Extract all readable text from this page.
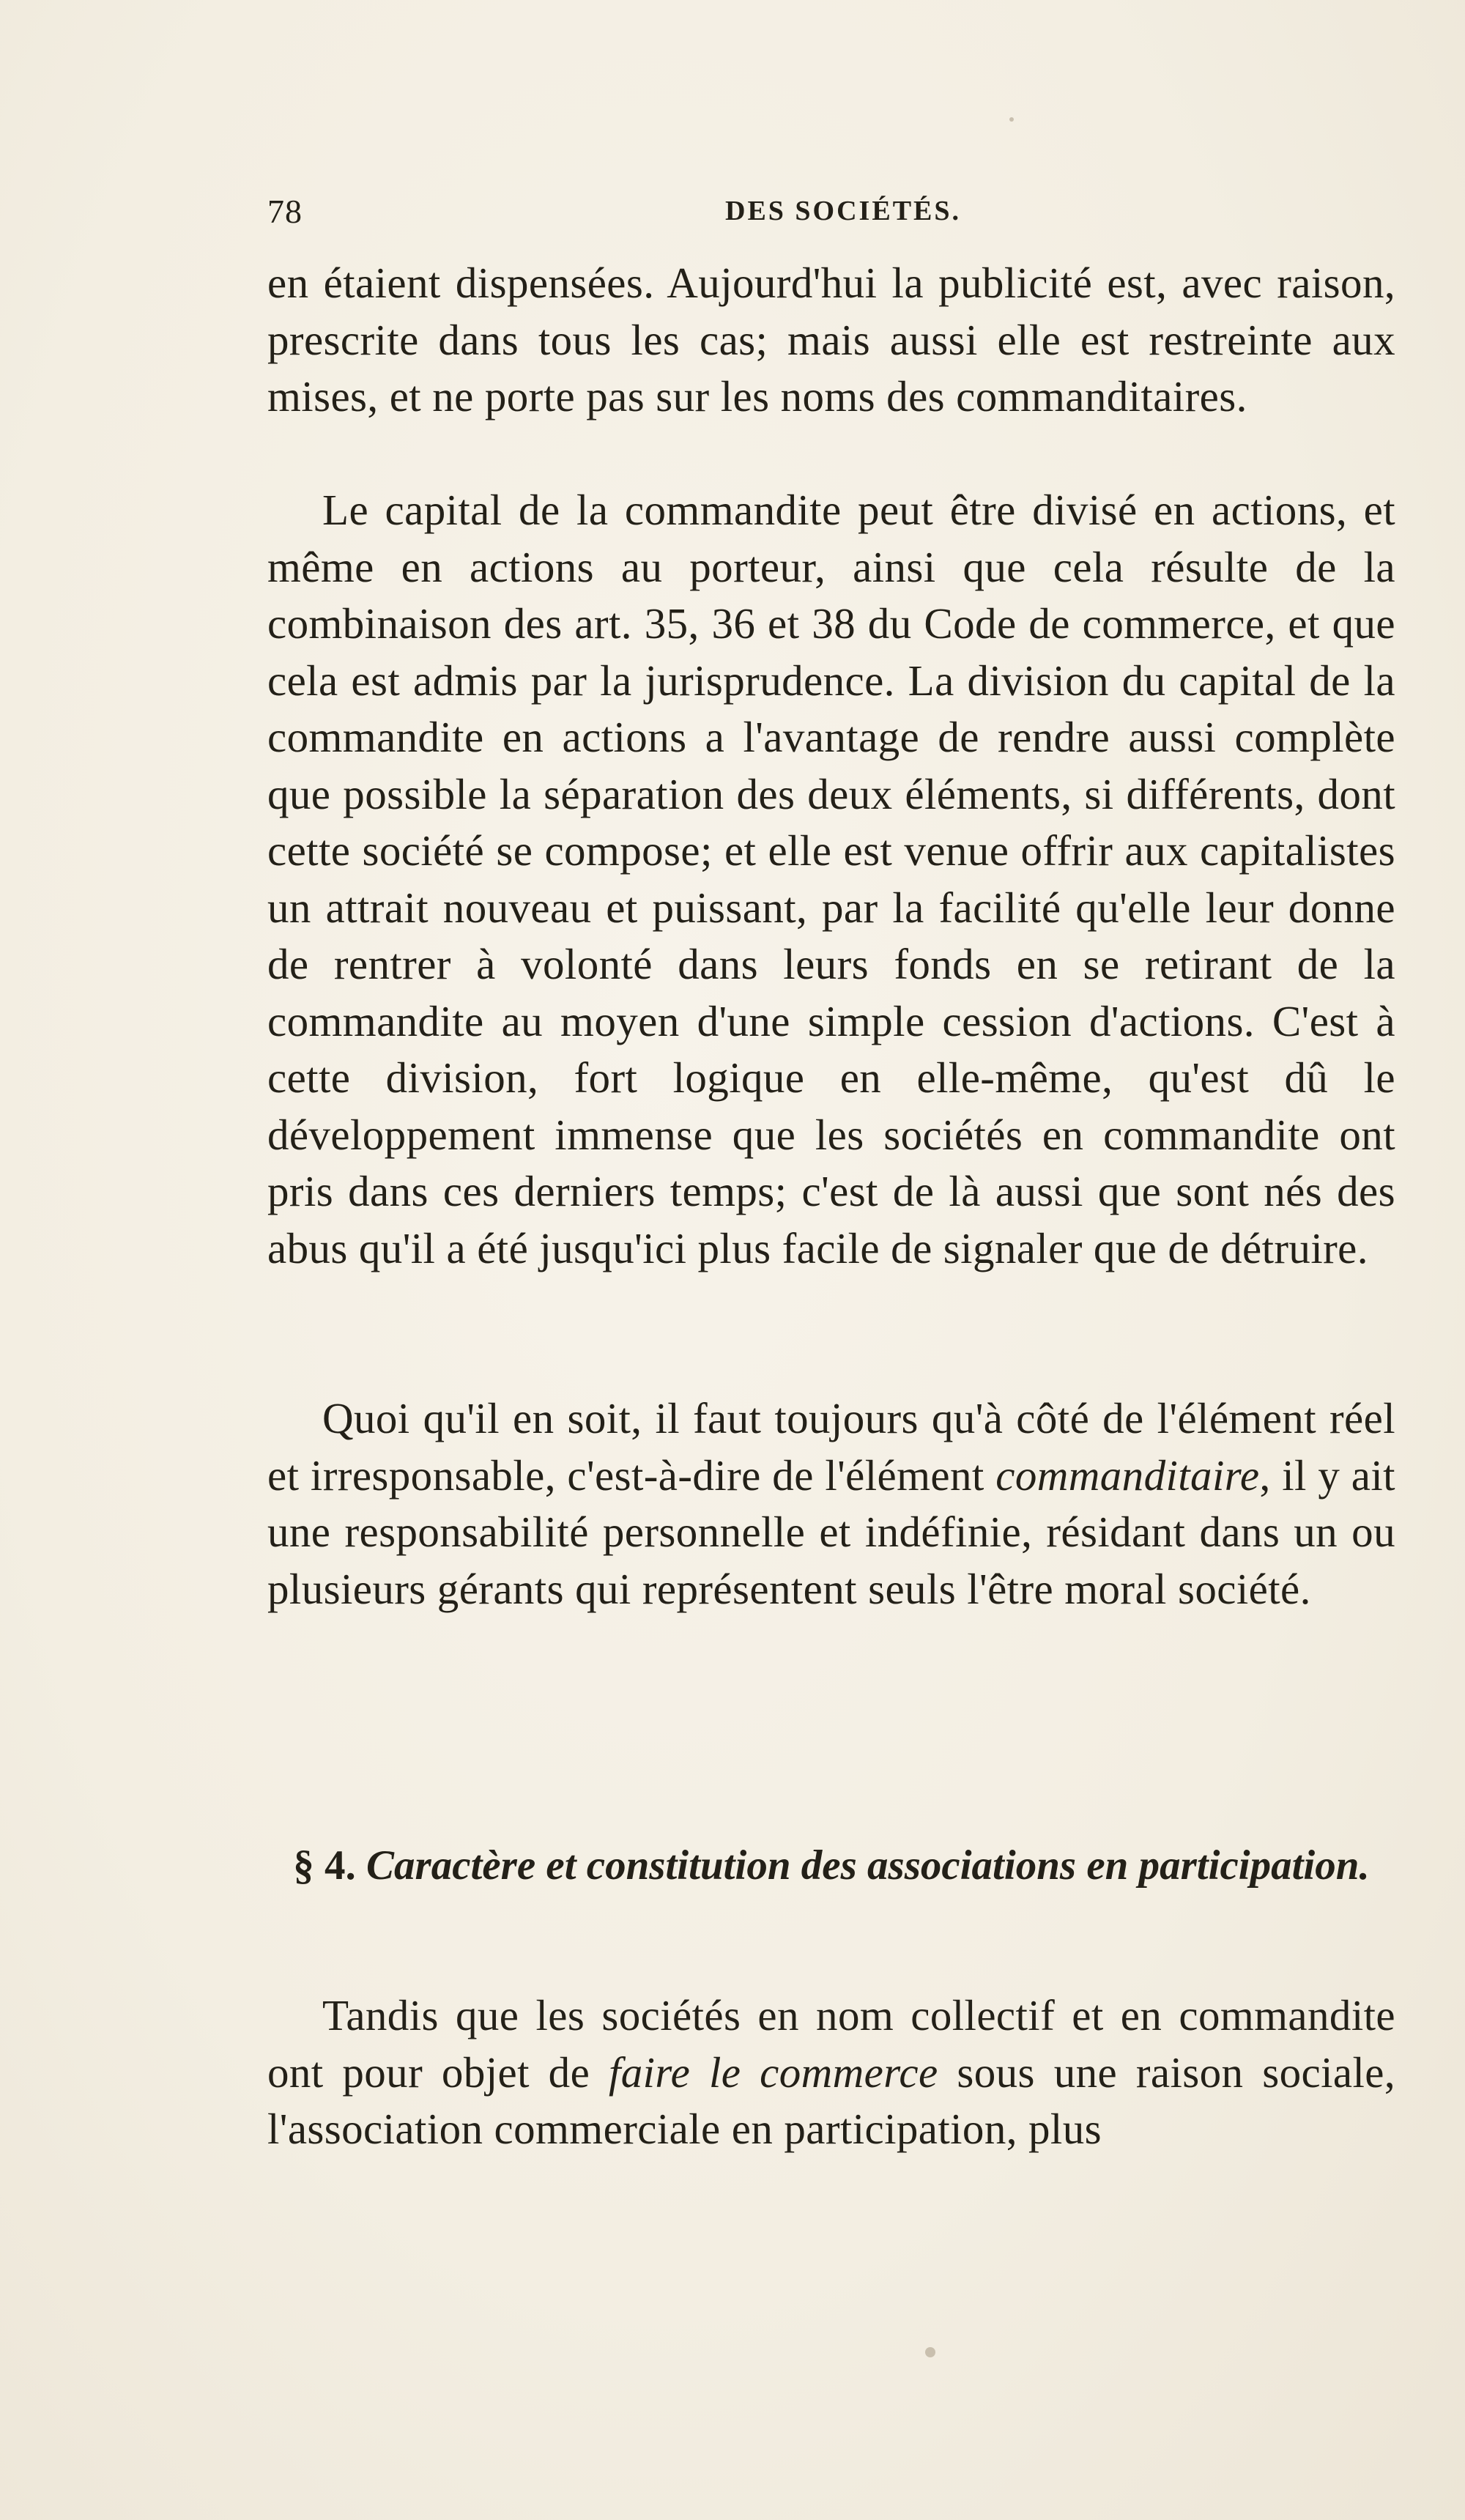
78	DES SOCIÉTÉS.

en étaient dispensées. Aujourd'hui la publicité est, avec raison, prescrite dans tous les cas; mais aussi elle est restreinte aux mises, et ne porte pas sur les noms des commanditaires.

Le capital de la commandite peut être divisé en actions, et même en actions au porteur, ainsi que cela résulte de la combinaison des art. 35, 36 et 38 du Code de commerce, et que cela est admis par la jurisprudence. La division du capital de la commandite en actions a l'avantage de rendre aussi complète que possible la séparation des deux éléments, si différents, dont cette société se compose; et elle est venue offrir aux capitalistes un attrait nouveau et puissant, par la facilité qu'elle leur donne de rentrer à volonté dans leurs fonds en se retirant de la commandite au moyen d'une simple cession d'actions. C'est à cette division, fort logique en elle-même, qu'est dû le développement immense que les sociétés en commandite ont pris dans ces derniers temps; c'est de là aussi que sont nés des abus qu'il a été jusqu'ici plus facile de signaler que de détruire.

Quoi qu'il en soit, il faut toujours qu'à côté de l'élément réel et irresponsable, c'est-à-dire de l'élément commanditaire, il y ait une responsabilité personnelle et indéfinie, résidant dans un ou plusieurs gérants qui représentent seuls l'être moral société.

§ 4. Caractère et constitution des associations en participation.

Tandis que les sociétés en nom collectif et en commandite ont pour objet de faire le commerce sous une raison sociale, l'association commerciale en participation, plus
